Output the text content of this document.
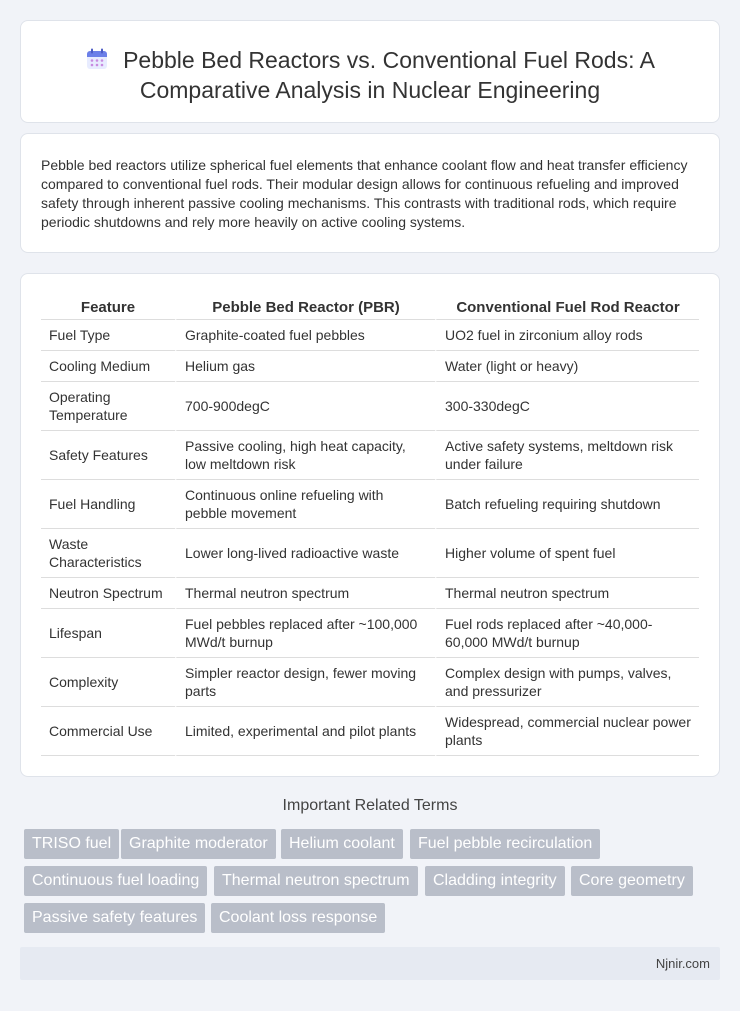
Pebble Bed Reactors vs. Conventional Fuel Rods: A
Comparative Analysis in Nuclear Engineering

Pebble bed reactors utilize spherical fuel elements that enhance coolant flow and heat transfer efficiency compared to conventional fuel rods. Their modular design allows for continuous refueling and improved safety through inherent passive cooling mechanisms. This contrasts with traditional rods, which require periodic shutdowns and rely more heavily on active cooling systems.

Feature	Pebble Bed Reactor (PBR)	Conventional Fuel Rod Reactor
Fuel Type	Graphite-coated fuel pebbles	UO2 fuel in zirconium alloy rods
Cooling Medium	Helium gas	Water (light or heavy)
Operating Temperature	700-900degC	300-330degC
Safety Features	Passive cooling, high heat capacity, low meltdown risk	Active safety systems, meltdown risk under failure
Fuel Handling	Continuous online refueling with pebble movement	Batch refueling requiring shutdown
Waste Characteristics	Lower long-lived radioactive waste	Higher volume of spent fuel
Neutron Spectrum	Thermal neutron spectrum	Thermal neutron spectrum
Lifespan	Fuel pebbles replaced after ~100,000 MWd/t burnup	Fuel rods replaced after ~40,000-60,000 MWd/t burnup
Complexity	Simpler reactor design, fewer moving parts	Complex design with pumps, valves, and pressurizer
Commercial Use	Limited, experimental and pilot plants	Widespread, commercial nuclear power plants
Important Related Terms
TRISO fuel	Graphite moderator	Helium coolant	Fuel pebble recirculation
Continuous fuel loading	Thermal neutron spectrum	Cladding integrity	Core geometry
Passive safety features	Coolant loss response
Njnir.com
